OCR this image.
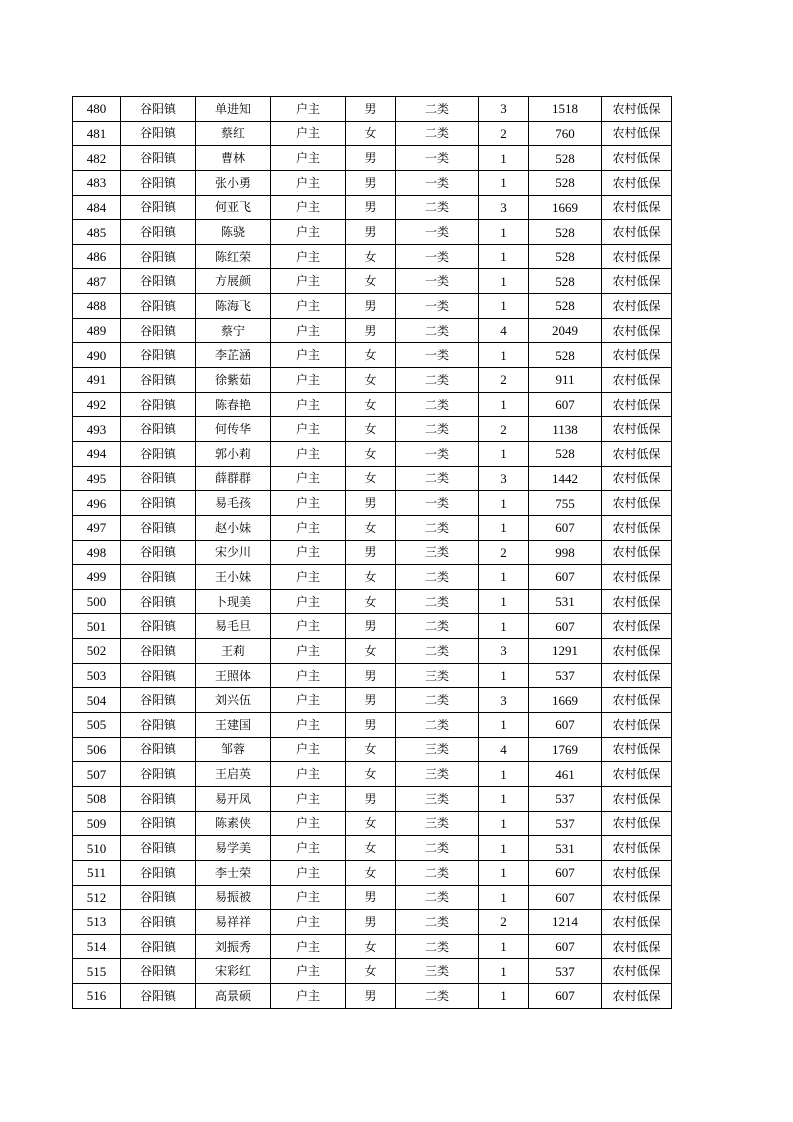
480	谷阳镇	单进知	户主	男	二类	3	1518	农村低保
481	谷阳镇	蔡红	户主	女	二类	2	760	农村低保
482	谷阳镇	曹林	户主	男	一类	1	528	农村低保
483	谷阳镇	张小勇	户主	男	一类	1	528	农村低保
484	谷阳镇	何亚飞	户主	男	二类	3	1669	农村低保
485	谷阳镇	陈骁	户主	男	一类	1	528	农村低保
486	谷阳镇	陈红荣	户主	女	一类	1	528	农村低保
487	谷阳镇	方展颜	户主	女	一类	1	528	农村低保
488	谷阳镇	陈海飞	户主	男	一类	1	528	农村低保
489	谷阳镇	蔡宁	户主	男	二类	4	2049	农村低保
490	谷阳镇	李芷涵	户主	女	一类	1	528	农村低保
491	谷阳镇	徐紫茹	户主	女	二类	2	911	农村低保
492	谷阳镇	陈春艳	户主	女	二类	1	607	农村低保
493	谷阳镇	何传华	户主	女	二类	2	1138	农村低保
494	谷阳镇	郭小莉	户主	女	一类	1	528	农村低保
495	谷阳镇	薛群群	户主	女	二类	3	1442	农村低保
496	谷阳镇	易毛孩	户主	男	一类	1	755	农村低保
497	谷阳镇	赵小妹	户主	女	二类	1	607	农村低保
498	谷阳镇	宋少川	户主	男	三类	2	998	农村低保
499	谷阳镇	王小妹	户主	女	二类	1	607	农村低保
500	谷阳镇	卜现美	户主	女	二类	1	531	农村低保
501	谷阳镇	易毛旦	户主	男	二类	1	607	农村低保
502	谷阳镇	王莉	户主	女	二类	3	1291	农村低保
503	谷阳镇	王照体	户主	男	三类	1	537	农村低保
504	谷阳镇	刘兴伍	户主	男	二类	3	1669	农村低保
505	谷阳镇	王建国	户主	男	二类	1	607	农村低保
506	谷阳镇	邹蓉	户主	女	三类	4	1769	农村低保
507	谷阳镇	王启英	户主	女	三类	1	461	农村低保
508	谷阳镇	易开凤	户主	男	三类	1	537	农村低保
509	谷阳镇	陈素侠	户主	女	三类	1	537	农村低保
510	谷阳镇	易学美	户主	女	二类	1	531	农村低保
511	谷阳镇	李士荣	户主	女	二类	1	607	农村低保
512	谷阳镇	易振被	户主	男	二类	1	607	农村低保
513	谷阳镇	易祥祥	户主	男	二类	2	1214	农村低保
514	谷阳镇	刘振秀	户主	女	二类	1	607	农村低保
515	谷阳镇	宋彩红	户主	女	三类	1	537	农村低保
516	谷阳镇	高景硕	户主	男	二类	1	607	农村低保
